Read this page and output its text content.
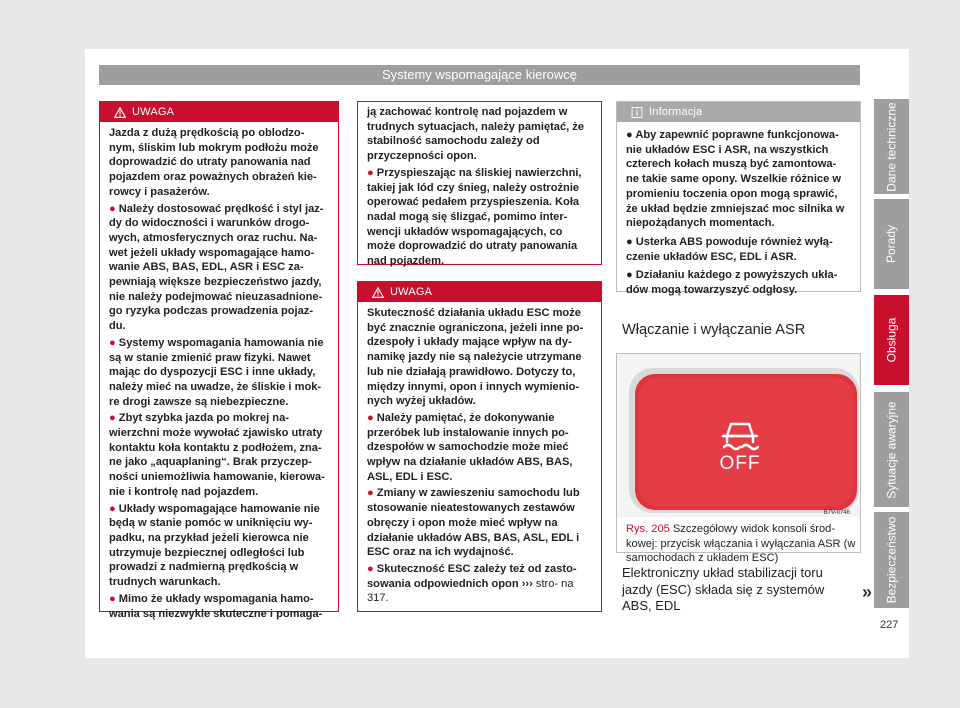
Systemy wspomagające kierowcę
UWAGA

Jazda z dużą prędkością po oblodzo- nym, śliskim lub mokrym podłożu może doprowadzić do utraty panowania nad pojazdem oraz poważnych obrażeń kie- rowcy i pasażerów.

● Należy dostosować prędkość i styl jaz- dy do widoczności i warunków drogo- wych, atmosferycznych oraz ruchu. Na- wet jeżeli układy wspomagające hamo- wanie ABS, BAS, EDL, ASR i ESC za- pewniają większe bezpieczeństwo jazdy, nie należy podejmować nieuzasadnione- go ryzyka podczas prowadzenia pojaz- du.

● Systemy wspomagania hamowania nie są w stanie zmienić praw fizyki. Nawet mając do dyspozycji ESC i inne układy, należy mieć na uwadze, że śliskie i mok- re drogi zawsze są niebezpieczne.

● Zbyt szybka jazda po mokrej na- wierzchni może wywołać zjawisko utraty kontaktu koła kontaktu z podłożem, zna- ne jako „aquaplaning“. Brak przyczep- ności uniemożliwia hamowanie, kierowa- nie i kontrolę nad pojazdem.

● Układy wspomagające hamowanie nie będą w stanie pomóc w uniknięciu wy- padku, na przykład jeżeli kierowca nie utrzymuje bezpiecznej odległości lub prowadzi z nadmierną prędkością w trudnych warunkach.

● Mimo że układy wspomagania hamo- wania są niezwykle skuteczne i pomaga-

ją zachować kontrolę nad pojazdem w trudnych sytuacjach, należy pamiętać, że stabilność samochodu zależy od przyczepności opon.

● Przyspieszając na śliskiej nawierzchni, takiej jak lód czy śnieg, należy ostrożnie operować pedałem przyspieszenia. Koła nadal mogą się ślizgać, pomimo inter- wencji układów wspomagających, co może doprowadzić do utraty panowania nad pojazdem.

UWAGA

Skuteczność działania układu ESC może być znacznie ograniczona, jeżeli inne po- dzespoły i układy mające wpływ na dy- namikę jazdy nie są należycie utrzymane lub nie działają prawidłowo. Dotyczy to, między innymi, opon i innych wymienio- nych wyżej układów.

● Należy pamiętać, że dokonywanie przeróbek lub instalowanie innych po- dzespołów w samochodzie może mieć wpływ na działanie układów ABS, BAS, ASL, EDL i ESC.

● Zmiany w zawieszeniu samochodu lub stosowanie nieatestowanych zestawów obręczy i opon może mieć wpływ na działanie układów ABS, BAS, ASL, EDL i ESC oraz na ich wydajność.

● Skuteczność ESC zależy też od zasto- sowania odpowiednich opon ››› stro- na 317.

Informacja

● Aby zapewnić poprawne funkcjonowa- nie układów ESC i ASR, na wszystkich czterech kołach muszą być zamontowa- ne takie same opony. Wszelkie różnice w promieniu toczenia opon mogą sprawić, że układ będzie zmniejszać moc silnika w niepożądanych momentach.

● Usterka ABS powoduje również wyłą- czenie układów ESC, EDL i ASR.

● Działaniu każdego z powyższych ukła- dów mogą towarzyszyć odgłosy.

Włączanie i wyłączanie ASR
OFF
B7V-0746
Rys. 205 Szczegółowy widok konsoli środ- kowej: przycisk włączania i wyłączania ASR (w samochodach z układem ESC)
Elektroniczny układ stabilizacji toru jazdy (ESC) składa się z systemów ABS, EDL
»
227
Dane techniczne
Porady
Obsługa
Sytuacje awaryjne
Bezpieczeństwo
